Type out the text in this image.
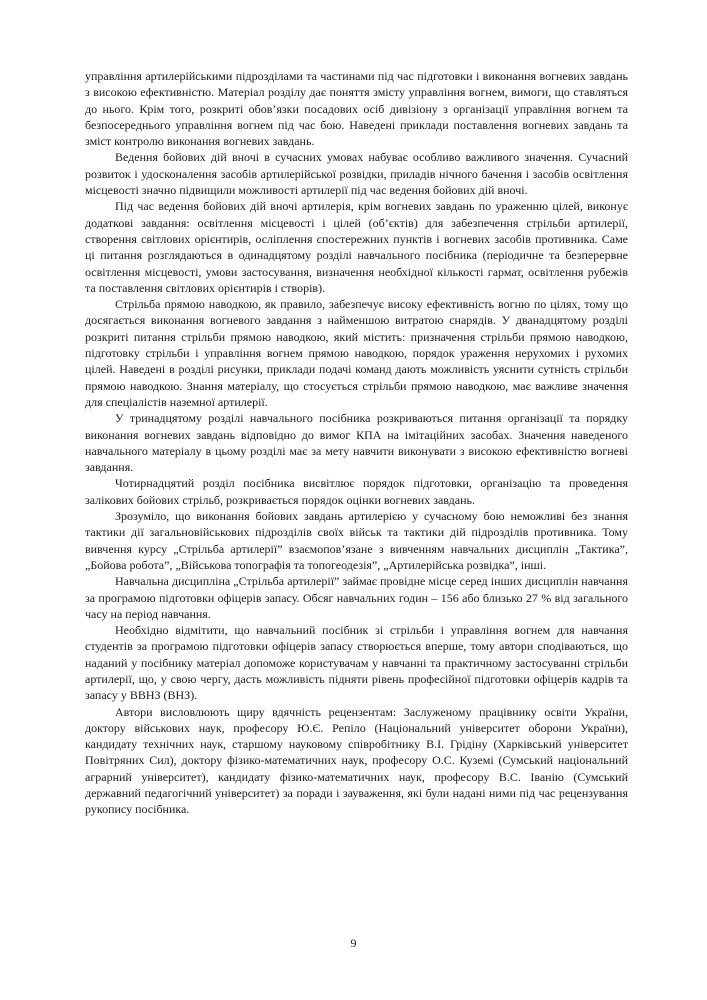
управління артилерійськими підрозділами та частинами під час підготовки і виконання вогневих завдань з високою ефективністю. Матеріал розділу дає поняття змісту управління вогнем, вимоги, що ставляться до нього. Крім того, розкриті обов’язки посадових осіб дивізіону з організації управління вогнем та безпосереднього управління вогнем під час бою. Наведені приклади поставлення вогневих завдань та зміст контролю виконання вогневих завдань.

Ведення бойових дій вночі в сучасних умовах набуває особливо важливого значення. Сучасний розвиток і удосконалення засобів артилерійської розвідки, приладів нічного бачення і засобів освітлення місцевості значно підвищили можливості артилерії під час ведення бойових дій вночі.

Під час ведення бойових дій вночі артилерія, крім вогневих завдань по ураженню цілей, виконує додаткові завдання: освітлення місцевості і цілей (об’єктів) для забезпечення стрільби артилерії, створення світлових орієнтирів, осліплення спостережних пунктів і вогневих засобів противника. Саме ці питання розглядаються в одинадцятому розділі навчального посібника (періодичне та безперервне освітлення місцевості, умови застосування, визначення необхідної кількості гармат, освітлення рубежів та поставлення світлових орієнтирів і створів).

Стрільба прямою наводкою, як правило, забезпечує високу ефективність вогню по цілях, тому що досягається виконання вогневого завдання з найменшою витратою снарядів. У дванадцятому розділі розкриті питання стрільби прямою наводкою, який містить: призначення стрільби прямою наводкою, підготовку стрільби і управління вогнем прямою наводкою, порядок ураження нерухомих і рухомих цілей. Наведені в розділі рисунки, приклади подачі команд дають можливість уяснити сутність стрільби прямою наводкою. Знання матеріалу, що стосується стрільби прямою наводкою, має важливе значення для спеціалістів наземної артилерії.

У тринадцятому розділі навчального посібника розкриваються питання організації та порядку виконання вогневих завдань відповідно до вимог КПА на імітаційних засобах. Значення наведеного навчального матеріалу в цьому розділі має за мету навчити виконувати з високою ефективністю вогневі завдання.

Чотирнадцятий розділ посібника висвітлює порядок підготовки, організацію та проведення залікових бойових стрільб, розкривається порядок оцінки вогневих завдань.

Зрозуміло, що виконання бойових завдань артилерією у сучасному бою неможливі без знання тактики дії загальновійськових підрозділів своїх військ та тактики дій підрозділів противника. Тому вивчення курсу „Стрільба артилерії” взаємопов’язане з вивченням навчальних дисциплін „Тактика”, „Бойова робота”, „Військова топографія та топогеодезія”, „Артилерійська розвідка”, інші.

Навчальна дисципліна „Стрільба артилерії” займає провідне місце серед інших дисциплін навчання за програмою підготовки офіцерів запасу. Обсяг навчальних годин – 156 або близько 27 % від загального часу на період навчання.

Необхідно відмітити, що навчальний посібник зі стрільби і управління вогнем для навчання студентів за програмою підготовки офіцерів запасу створюється вперше, тому автори сподіваються, що наданий у посібнику матеріал допоможе користувачам у навчанні та практичному застосуванні стрільби артилерії, що, у свою чергу, дасть можливість підняти рівень професійної підготовки офіцерів кадрів та запасу у ВВНЗ (ВНЗ).

Автори висловлюють щиру вдячність рецензентам: Заслуженому працівнику освіти України, доктору військових наук, професору Ю.Є. Репіло (Національний університет оборони України), кандидату технічних наук, старшому науковому співробітнику В.І. Грідіну (Харківський університет Повітряних Сил), доктору фізико-математичних наук, професору О.С. Куземі (Сумський національний аграрний університет), кандидату фізико-математичних наук, професору В.С. Іванію (Сумський державний педагогічний університет) за поради і зауваження, які були надані ними під час рецензування рукопису посібника.

9
